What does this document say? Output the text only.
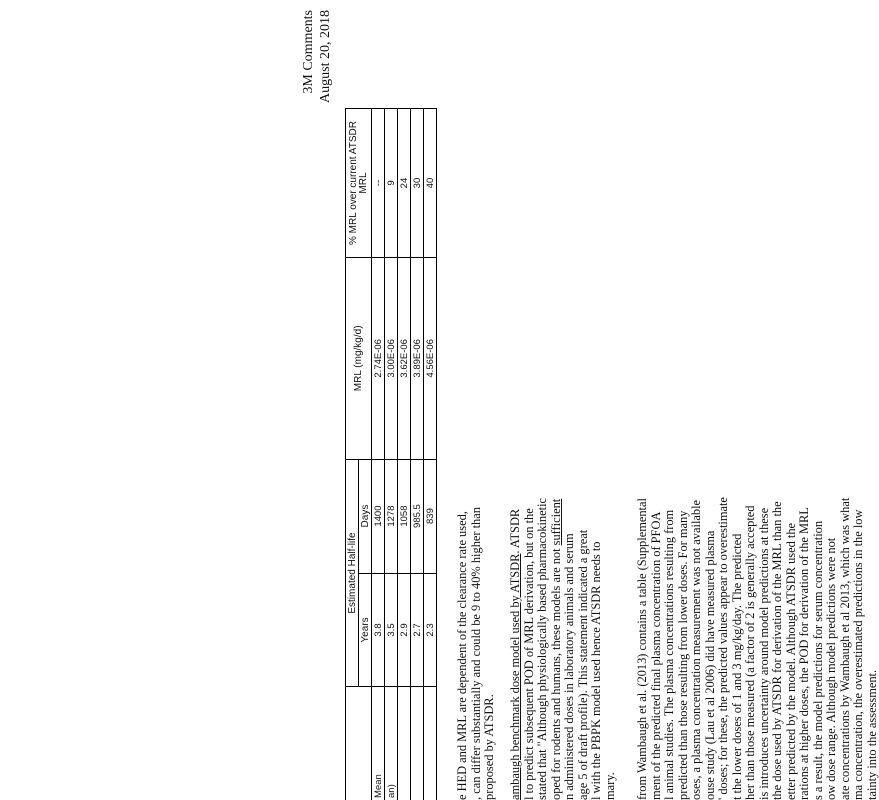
3M Comments August 20, 2018
	Estimated Half-life		MRL (mg/kg/d)	% MRL over current ATSDR MRL
	Years	Days		
Mean	3.8	1400	2.74E-06	--
an)	3.5	1278	3.00E-06	9
	2.9	1058	3.62E-06	24
	2.7	985.5	3.89E-06	30
	2.3	839	4.56E-06	40
e HED and MRL are dependent of the clearance rate used, , can differ substantially and could be 9 to 40% higher than proposed by ATSDR. ambaugh benchmark dose model used by ATSDR. ATSDR l to predict subsequent POD of MRL derivation, but on the stated that "Although physiologically based pharmacokinetic oped for rodents and humans, these models are not sufficient
n administered doses in laboratory animals and serum age 5 of draft profile). This statement indicated a great l with the PBPK model used hence ATSDR needs to mary. from Wambaugh et al. (2013) contains a table (Supplemental ment of the predicted final plasma concentration of PFOA l animal studies. The plasma concentrations resulting from predicted than those resulting from lower doses. For many oses, a plasma concentration measurement was not available ouse study (Lau et al 2006) did have measured plasma ' doses; for these, the predicted values appear to overestimate t the lower doses of 1 and 3 mg/kg/day. The predicted her than those measured (a factor of 2 is generally accepted is introduces uncertainty around model predictions at these the dose used by ATSDR for derivation of the MRL than the etter predicted by the model. Although ATSDR used the rations at higher doses, the POD for derivation of the MRL s a result, the model predictions for serum concentration ow dose range. Although model predictions were not ate concentrations by Wambaugh et al 2013, which was what ma concentration, the overestimated predictions in the low tainty into the assessment.
